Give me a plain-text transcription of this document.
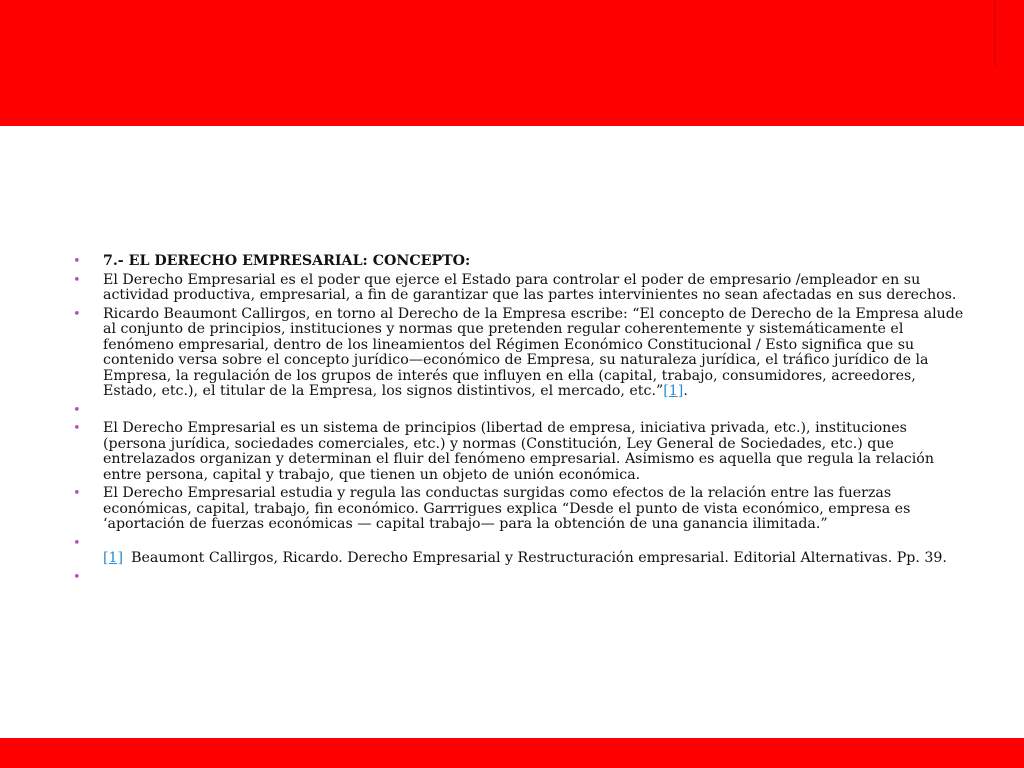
• 7.- EL DERECHO EMPRESARIAL: CONCEPTO:
• El Derecho Empresarial es el poder que ejerce el Estado para controlar el poder de empresario /empleador en su actividad productiva, empresarial, a fin de garantizar que las partes intervinientes no sean afectadas en sus derechos.
• Ricardo Beaumont Callirgos, en torno al Derecho de la Empresa escribe: “El concepto de Derecho de la Empresa alude al conjunto de principios, instituciones y normas que pretenden regular coherentemente y sistemáticamente el fenómeno empresarial, dentro de los lineamientos del Régimen Económico Constitucional / Esto significa que su contenido versa sobre el concepto jurídico—económico de Empresa, su naturaleza jurídica, el tráfico jurídico de la Empresa, la regulación de los grupos de interés que influyen en ella (capital, trabajo, consumidores, acreedores, Estado, etc.), el titular de la Empresa, los signos distintivos, el mercado, etc.”[1].
•
• El Derecho Empresarial es un sistema de principios (libertad de empresa, iniciativa privada, etc.), instituciones (persona jurídica, sociedades comerciales, etc.) y normas (Constitución, Ley General de Sociedades, etc.) que entrelazados organizan y determinan el fluir del fenómeno empresarial. Asimismo es aquella que regula la relación entre persona, capital y trabajo, que tienen un objeto de unión económica.
• El Derecho Empresarial estudia y regula las conductas surgidas como efectos de la relación entre las fuerzas económicas, capital, trabajo, fin económico. Garrrigues explica “Desde el punto de vista económico, empresa es ‘aportación de fuerzas económicas — capital trabajo— para la obtención de una ganancia ilimitada.”
•

[1] Beaumont Callirgos, Ricardo. Derecho Empresarial y Restructuración empresarial. Editorial Alternativas. Pp. 39.
•
